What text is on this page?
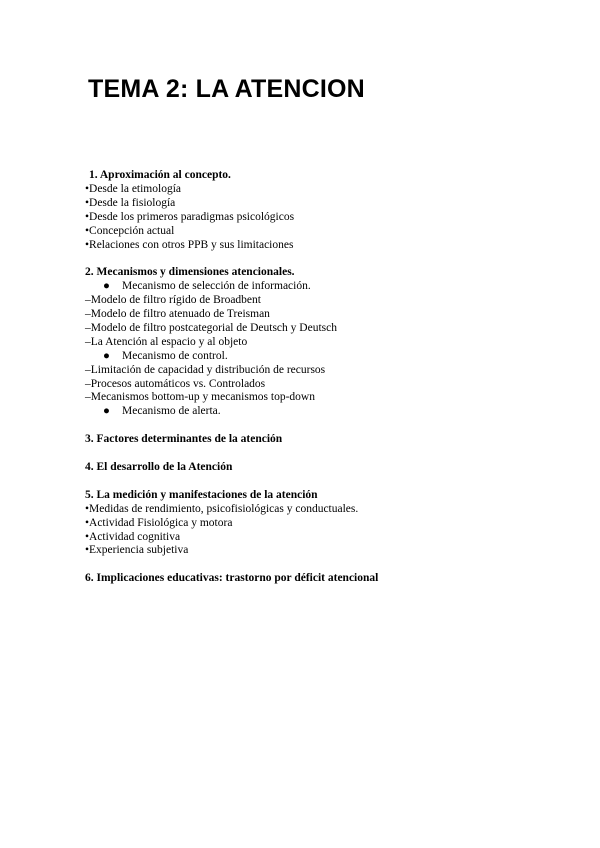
TEMA 2: LA ATENCION
1. Aproximación al concepto.
•Desde la etimología
•Desde la fisiología
•Desde los primeros paradigmas psicológicos
•Concepción actual
•Relaciones con otros PPB y sus limitaciones
2. Mecanismos y dimensiones atencionales.
● Mecanismo de selección de información.
–Modelo de filtro rígido de Broadbent
–Modelo de filtro atenuado de Treisman
–Modelo de filtro postcategorial de Deutsch y Deutsch
–La Atención al espacio y al objeto
● Mecanismo de control.
–Limitación de capacidad y distribución de recursos
–Procesos automáticos vs. Controlados
–Mecanismos bottom-up y mecanismos top-down
● Mecanismo de alerta.
3. Factores determinantes de la atención
4. El desarrollo de la Atención
5. La medición y manifestaciones de la atención
•Medidas de rendimiento, psicofisiológicas y conductuales.
•Actividad Fisiológica y motora
•Actividad cognitiva
•Experiencia subjetiva
6. Implicaciones educativas: trastorno por déficit atencional
